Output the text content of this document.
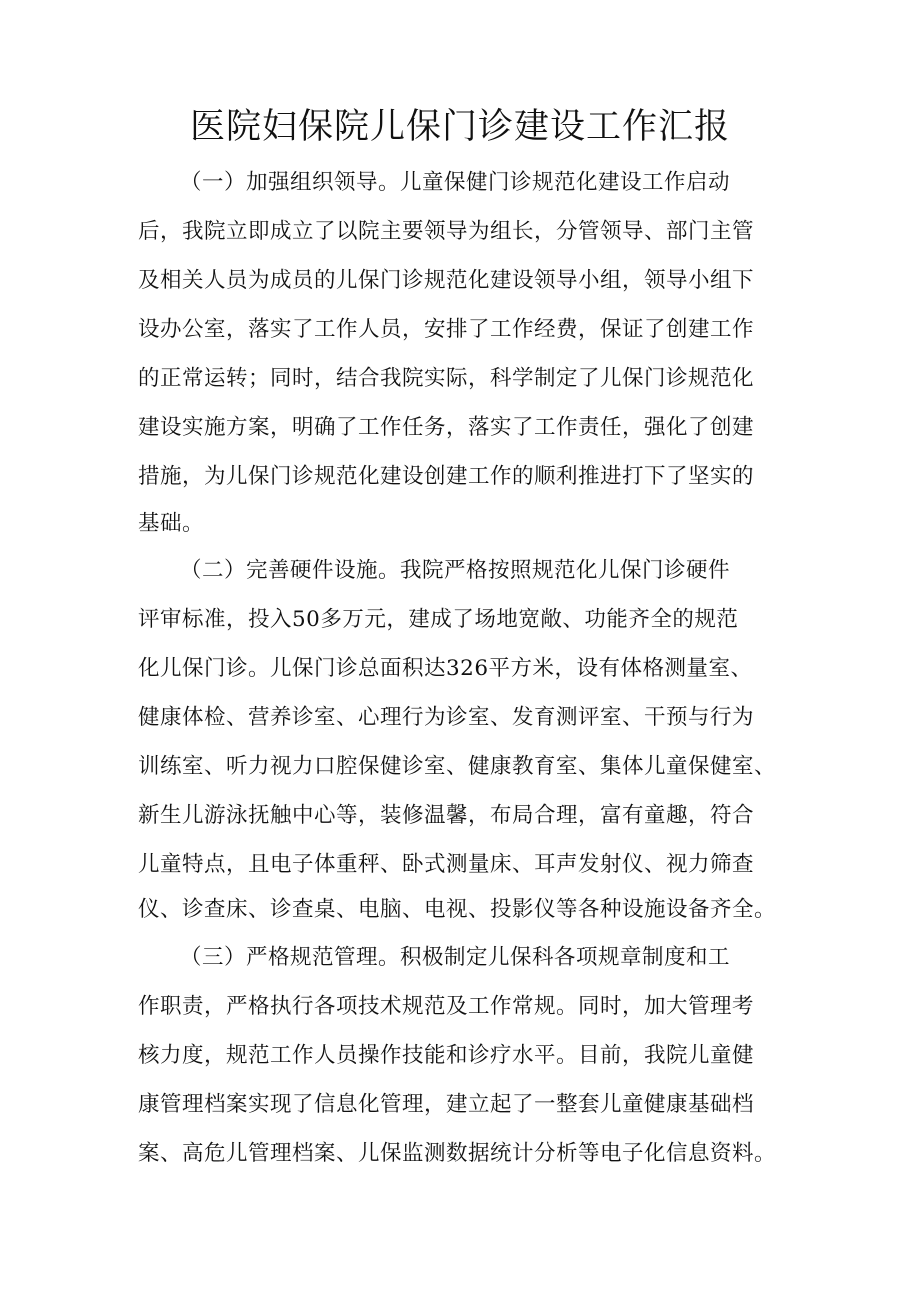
医院妇保院儿保门诊建设工作汇报
（一）加强组织领导。儿童保健门诊规范化建设工作启动
后，我院立即成立了以院主要领导为组长，分管领导、部门主管
及相关人员为成员的儿保门诊规范化建设领导小组，领导小组下
设办公室，落实了工作人员，安排了工作经费，保证了创建工作
的正常运转；同时，结合我院实际，科学制定了儿保门诊规范化
建设实施方案，明确了工作任务，落实了工作责任，强化了创建
措施，为儿保门诊规范化建设创建工作的顺利推进打下了坚实的
基础。
（二）完善硬件设施。我院严格按照规范化儿保门诊硬件
评审标准，投入50多万元，建成了场地宽敞、功能齐全的规范
化儿保门诊。儿保门诊总面积达326平方米，设有体格测量室、
健康体检、营养诊室、心理行为诊室、发育测评室、干预与行为
训练室、听力视力口腔保健诊室、健康教育室、集体儿童保健室、
新生儿游泳抚触中心等，装修温馨，布局合理，富有童趣，符合
儿童特点，且电子体重秤、卧式测量床、耳声发射仪、视力筛查
仪、诊查床、诊查桌、电脑、电视、投影仪等各种设施设备齐全。
（三）严格规范管理。积极制定儿保科各项规章制度和工
作职责，严格执行各项技术规范及工作常规。同时，加大管理考
核力度，规范工作人员操作技能和诊疗水平。目前，我院儿童健
康管理档案实现了信息化管理，建立起了一整套儿童健康基础档
案、高危儿管理档案、儿保监测数据统计分析等电子化信息资料。
